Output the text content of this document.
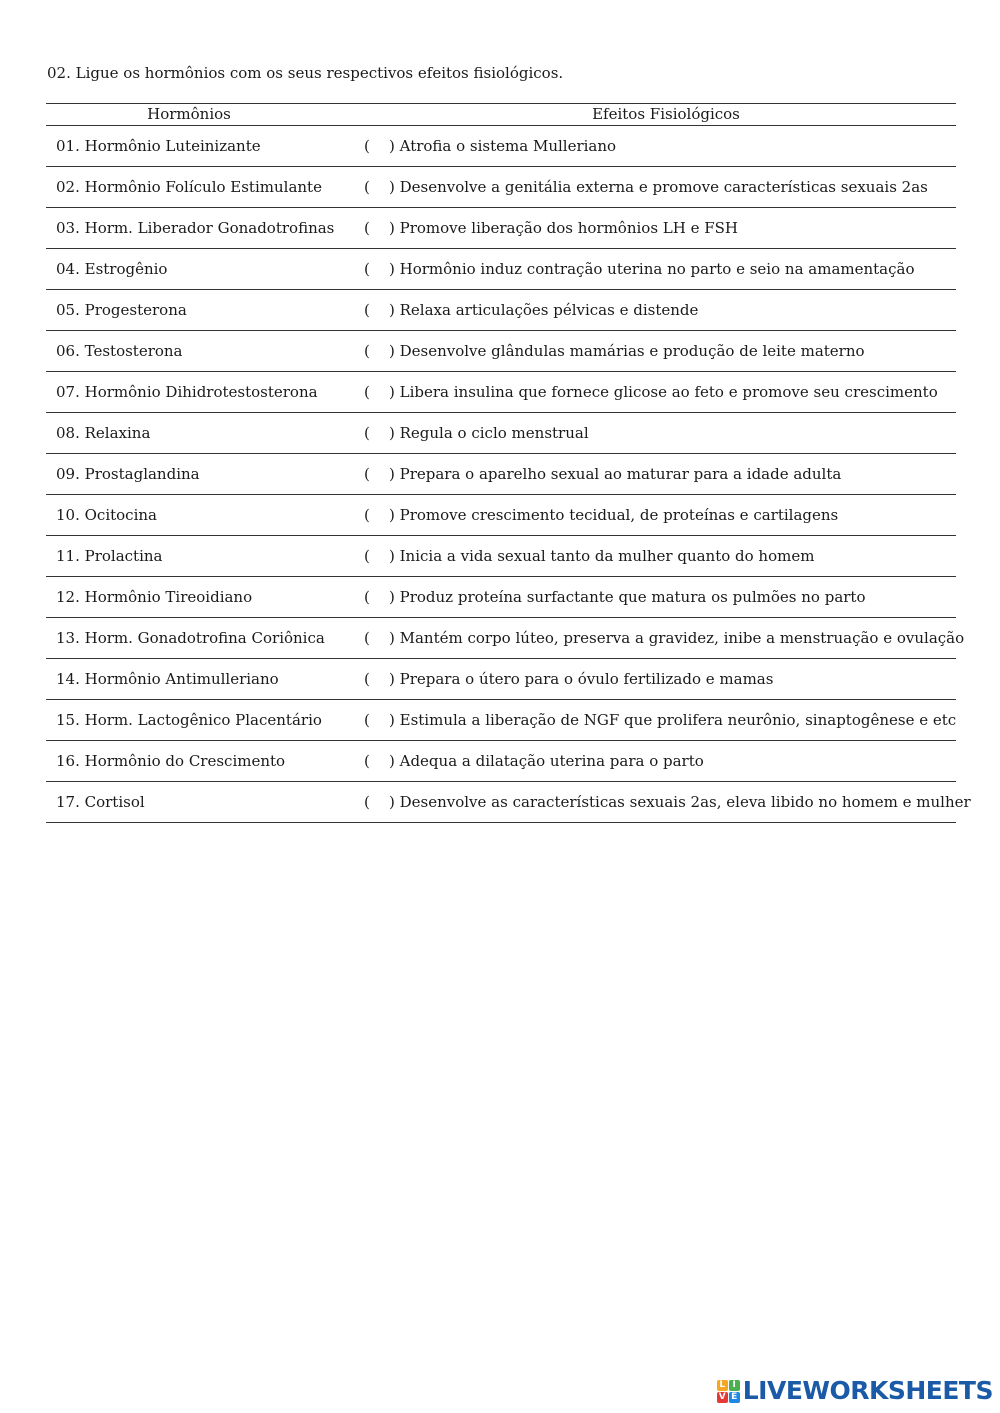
02. Ligue os hormônios com os seus respectivos efeitos fisiológicos.
Hormônios	Efeitos Fisiológicos
01. Hormônio Luteinizante	( ) Atrofia o sistema Mulleriano
02. Hormônio Folículo Estimulante	( ) Desenvolve a genitália externa e promove características sexuais 2as
03. Horm. Liberador Gonadotrofinas ( ) Promove liberação dos hormônios LH e FSH
04. Estrogênio	( ) Hormônio induz contração uterina no parto e seio na amamentação
05. Progesterona	( ) Relaxa articulações pélvicas e distende
06. Testosterona	( ) Desenvolve glândulas mamárias e produção de leite materno
07. Hormônio Dihidrotestosterona	( ) Libera insulina que fornece glicose ao feto e promove seu crescimento
08. Relaxina	( ) Regula o ciclo menstrual
09. Prostaglandina	( ) Prepara o aparelho sexual ao maturar para a idade adulta
10. Ocitocina	( ) Promove crescimento tecidual, de proteínas e cartilagens
11. Prolactina	( ) Inicia a vida sexual tanto da mulher quanto do homem
12. Hormônio Tireoidiano	( ) Produz proteína surfactante que matura os pulmões no parto
13. Horm. Gonadotrofina Coriônica	( ) Mantém corpo lúteo, preserva a gravidez, inibe a menstruação e ovulação
14. Hormônio Antimulleriano	( ) Prepara o útero para o óvulo fertilizado e mamas
15. Horm. Lactogênico Placentário	( ) Estimula a liberação de NGF que prolifera neurônio, sinaptogênese e etc
16. Hormônio do Crescimento	( ) Adequa a dilatação uterina para o parto
17. Cortisol	( ) Desenvolve as características sexuais 2as, eleva libido no homem e mulher
L I
V E LIVEWORKSHEETS
